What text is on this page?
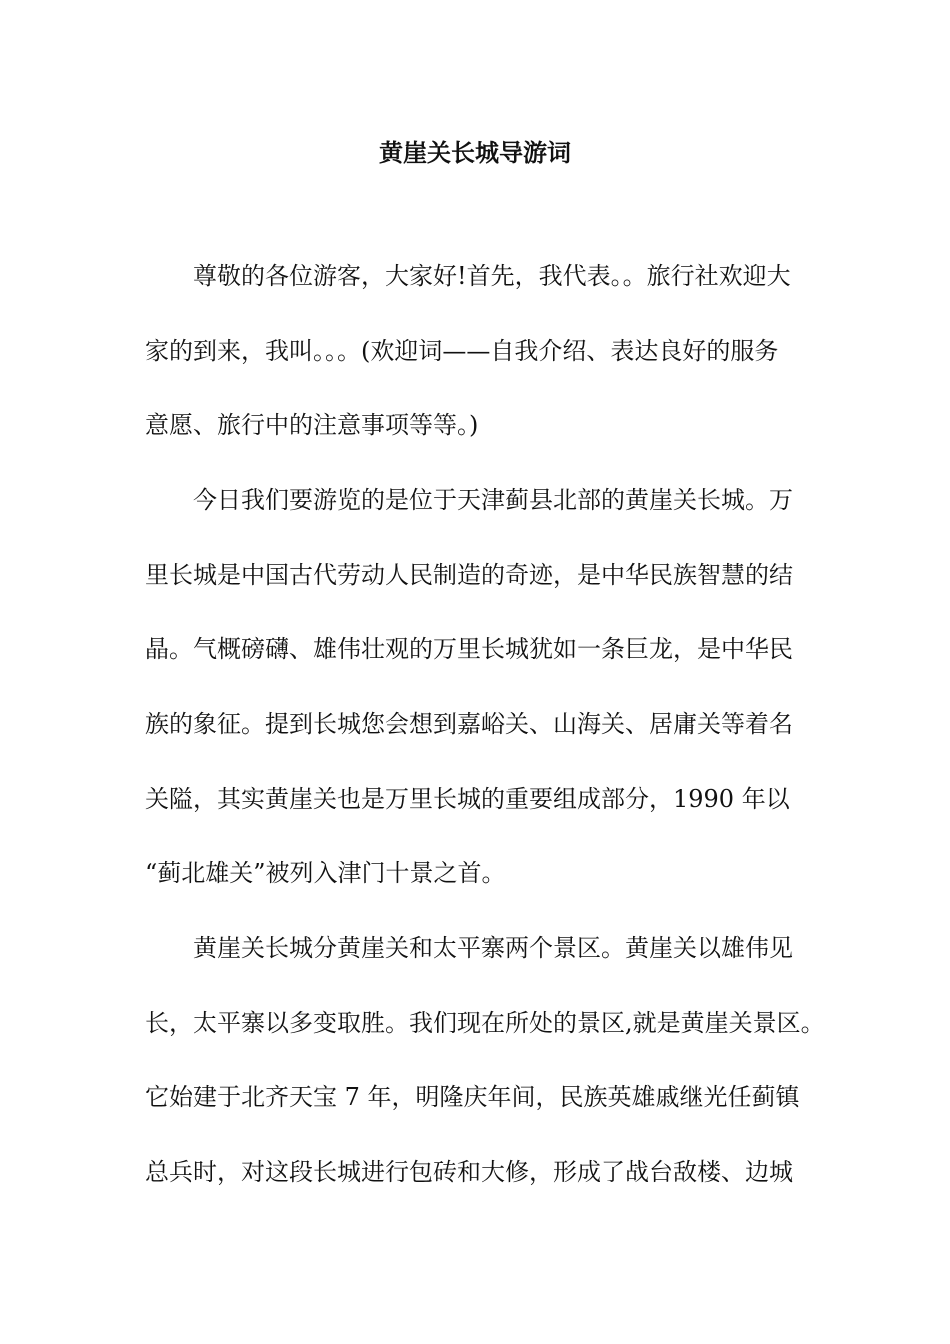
黄崖关长城导游词

尊敬的各位游客，大家好!首先，我代表。。旅行社欢迎大

家的到来，我叫。。。(欢迎词——自我介绍、表达良好的服务

意愿、旅行中的注意事项等等。)

今日我们要游览的是位于天津蓟县北部的黄崖关长城。万

里长城是中国古代劳动人民制造的奇迹，是中华民族智慧的结

晶。气概磅礴、雄伟壮观的万里长城犹如一条巨龙，是中华民

族的象征。提到长城您会想到嘉峪关、山海关、居庸关等着名

关隘，其实黄崖关也是万里长城的重要组成部分，1990 年以

“蓟北雄关”被列入津门十景之首。

黄崖关长城分黄崖关和太平寨两个景区。黄崖关以雄伟见

长，太平寨以多变取胜。我们现在所处的景区,就是黄崖关景区。

它始建于北齐天宝 7 年，明隆庆年间，民族英雄戚继光任蓟镇

总兵时，对这段长城进行包砖和大修，形成了战台敌楼、边城
